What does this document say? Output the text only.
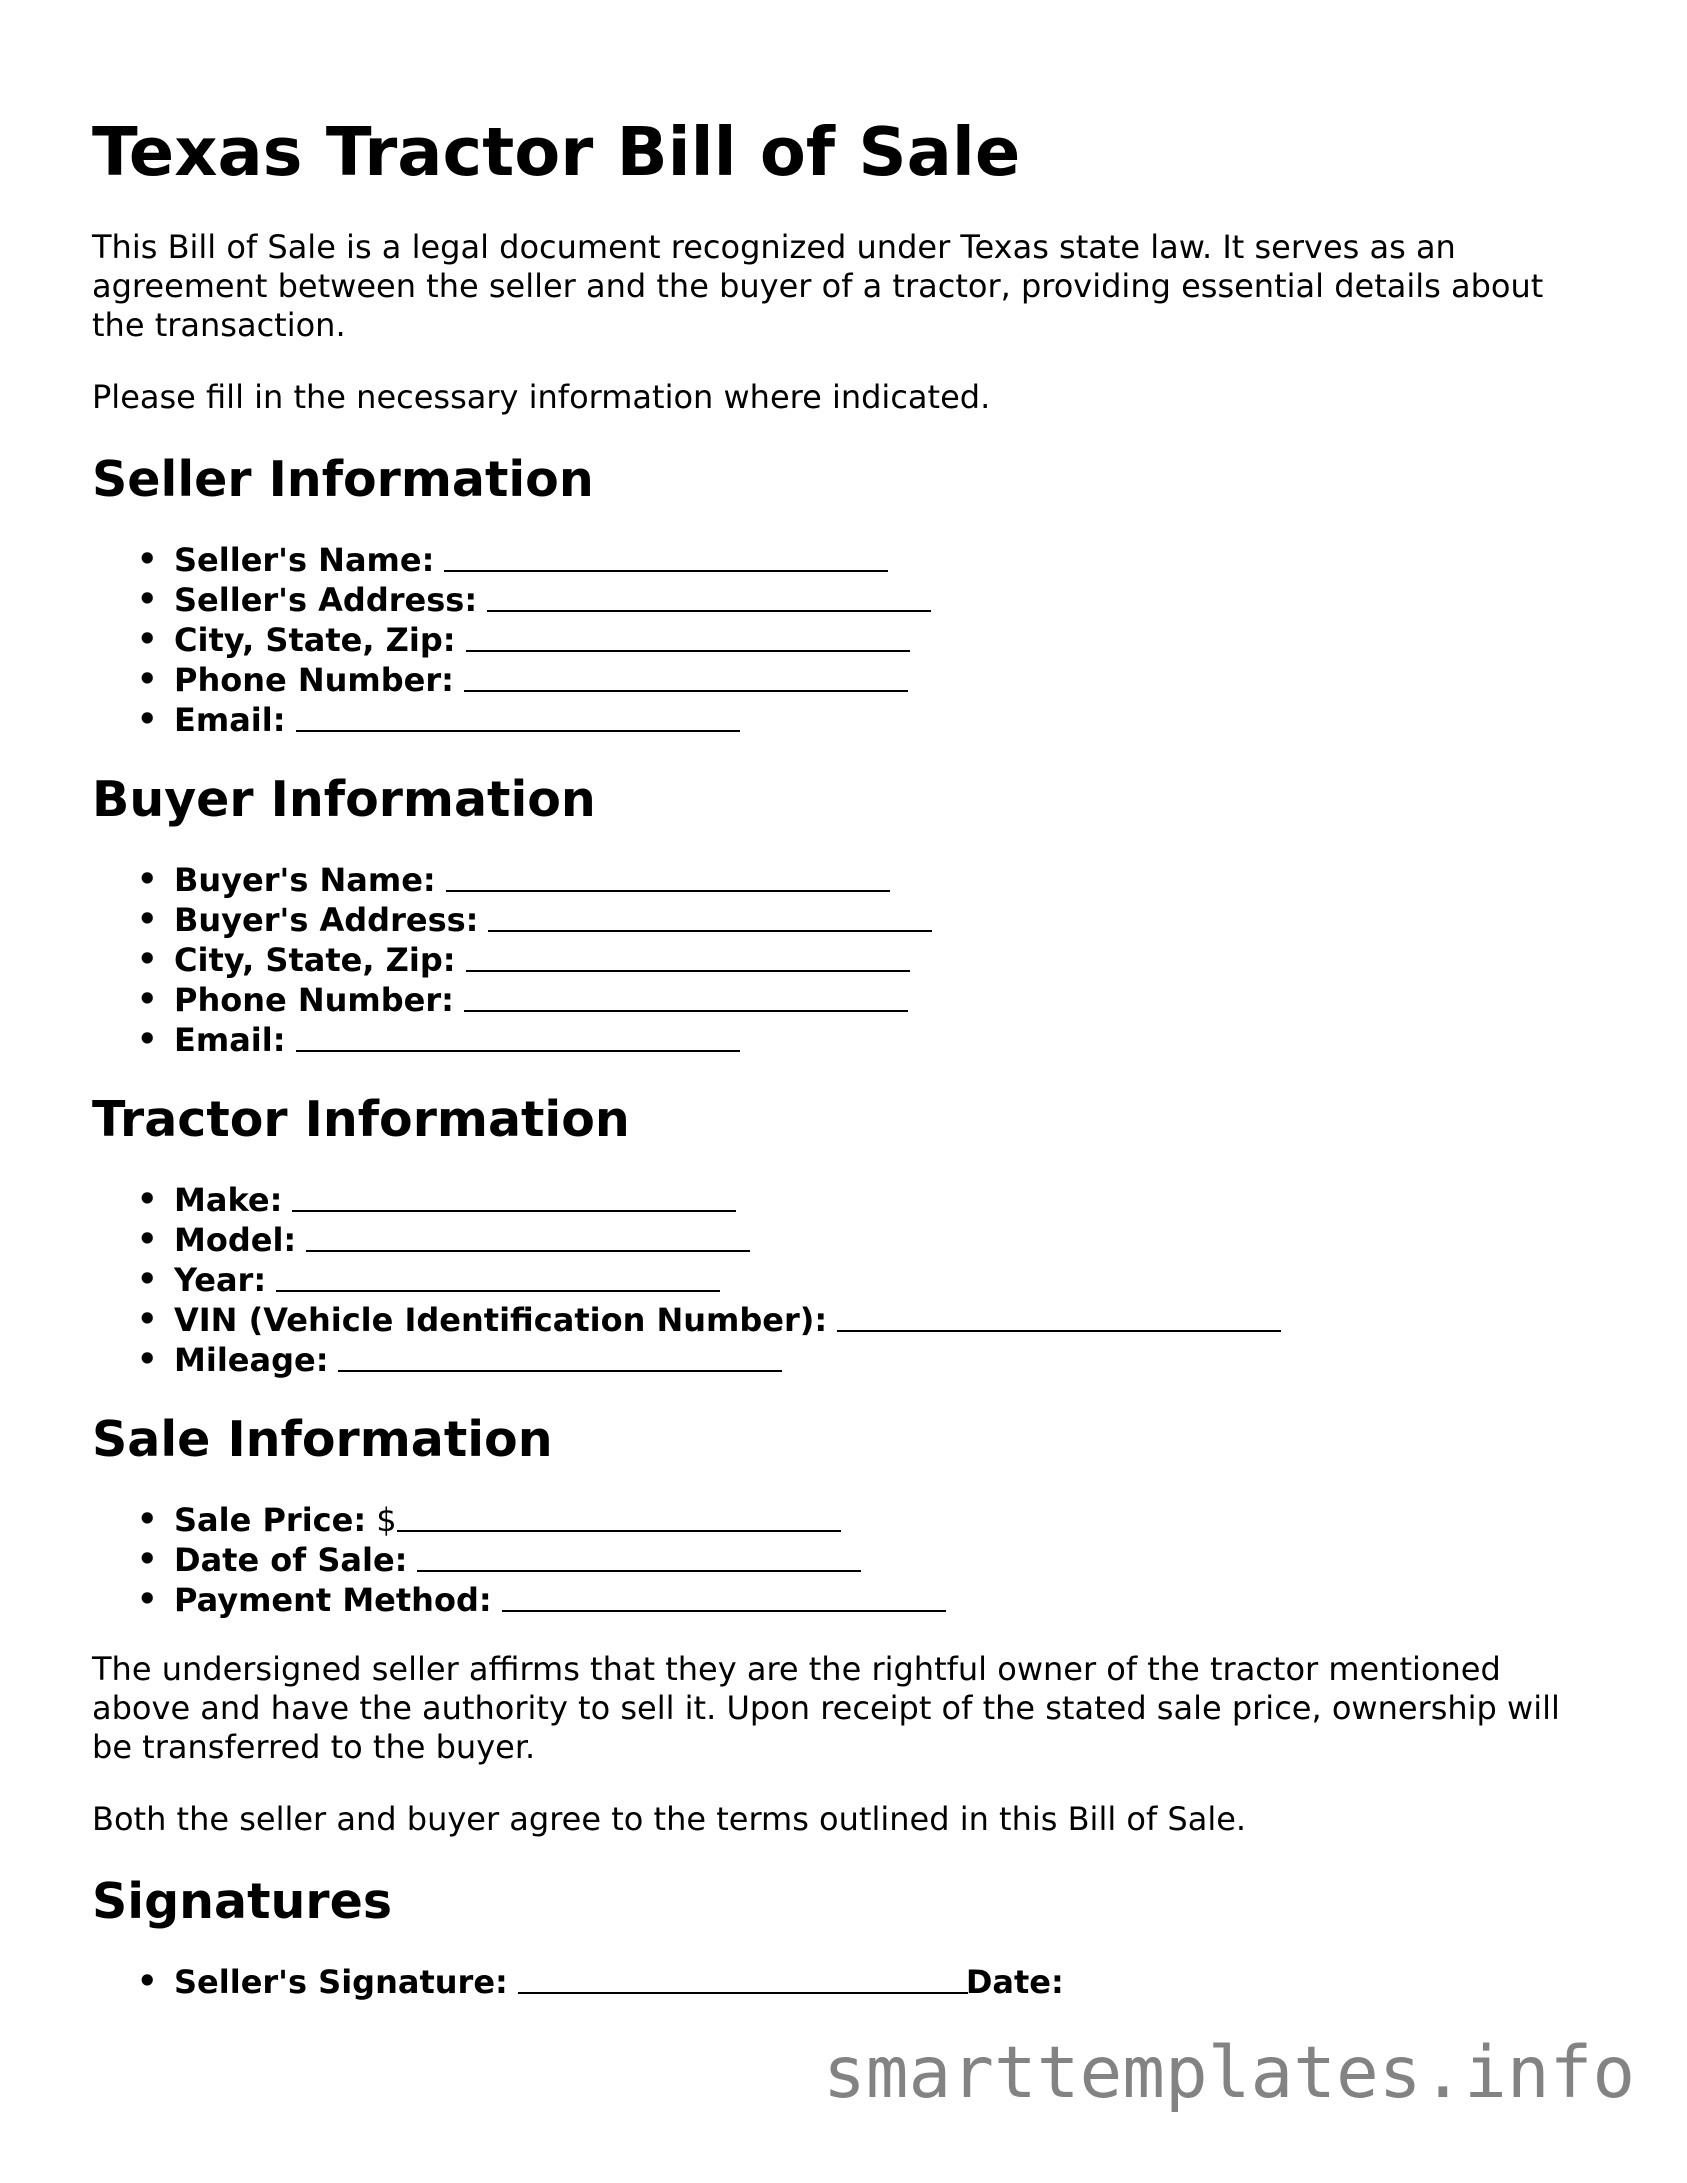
Texas Tractor Bill of Sale

This Bill of Sale is a legal document recognized under Texas state law. It serves as an agreement between the seller and the buyer of a tractor, providing essential details about the transaction.

Please fill in the necessary information where indicated.

Seller Information
• Seller's Name:
• Seller's Address:
• City, State, Zip:
• Phone Number:
• Email:
Buyer Information
• Buyer's Name:
• Buyer's Address:
• City, State, Zip:
• Phone Number:
• Email:
Tractor Information
• Make:
• Model:
• Year:
• VIN (Vehicle Identification Number):
• Mileage:
Sale Information
• Sale Price: $
• Date of Sale:
• Payment Method:

The undersigned seller affirms that they are the rightful owner of the tractor mentioned above and have the authority to sell it. Upon receipt of the stated sale price, ownership will be transferred to the buyer.

Both the seller and buyer agree to the terms outlined in this Bill of Sale.

Signatures
• Seller's Signature:	Date:
smarttemplates.info
